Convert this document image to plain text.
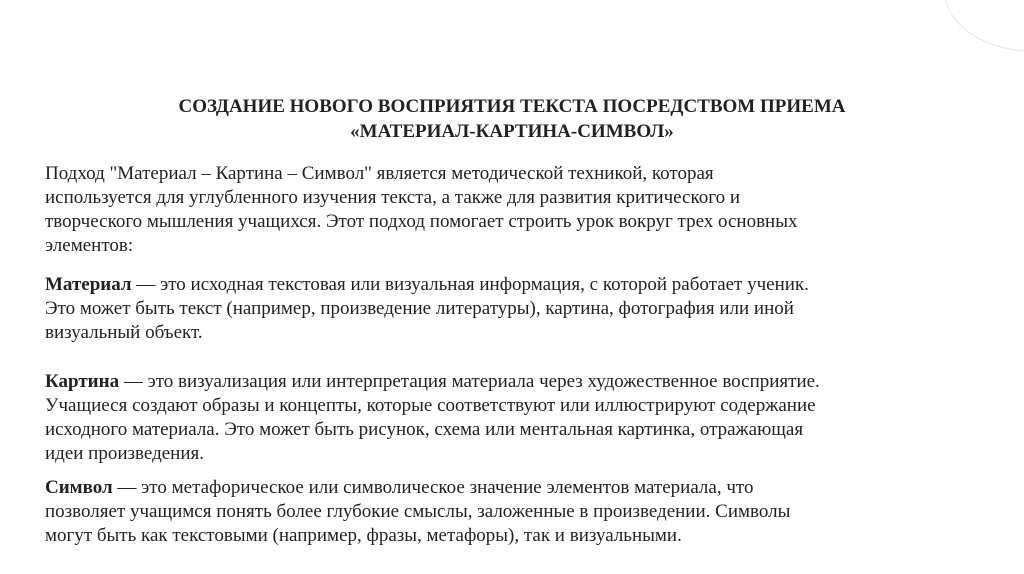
СОЗДАНИЕ НОВОГО ВОСПРИЯТИЯ ТЕКСТА ПОСРЕДСТВОМ ПРИЕМА
«МАТЕРИАЛ-КАРТИНА-СИМВОЛ»
Подход "Материал – Картина – Символ" является методической техникой, которая
используется для углубленного изучения текста, а также для развития критического и
творческого мышления учащихся. Этот подход помогает строить урок вокруг трех основных
элементов:
Материал — это исходная текстовая или визуальная информация, с которой работает ученик.
Это может быть текст (например, произведение литературы), картина, фотография или иной
визуальный объект.
Картина — это визуализация или интерпретация материала через художественное восприятие.
Учащиеся создают образы и концепты, которые соответствуют или иллюстрируют содержание
исходного материала. Это может быть рисунок, схема или ментальная картинка, отражающая
идеи произведения.
Символ — это метафорическое или символическое значение элементов материала, что
позволяет учащимся понять более глубокие смыслы, заложенные в произведении. Символы
могут быть как текстовыми (например, фразы, метафоры), так и визуальными.
